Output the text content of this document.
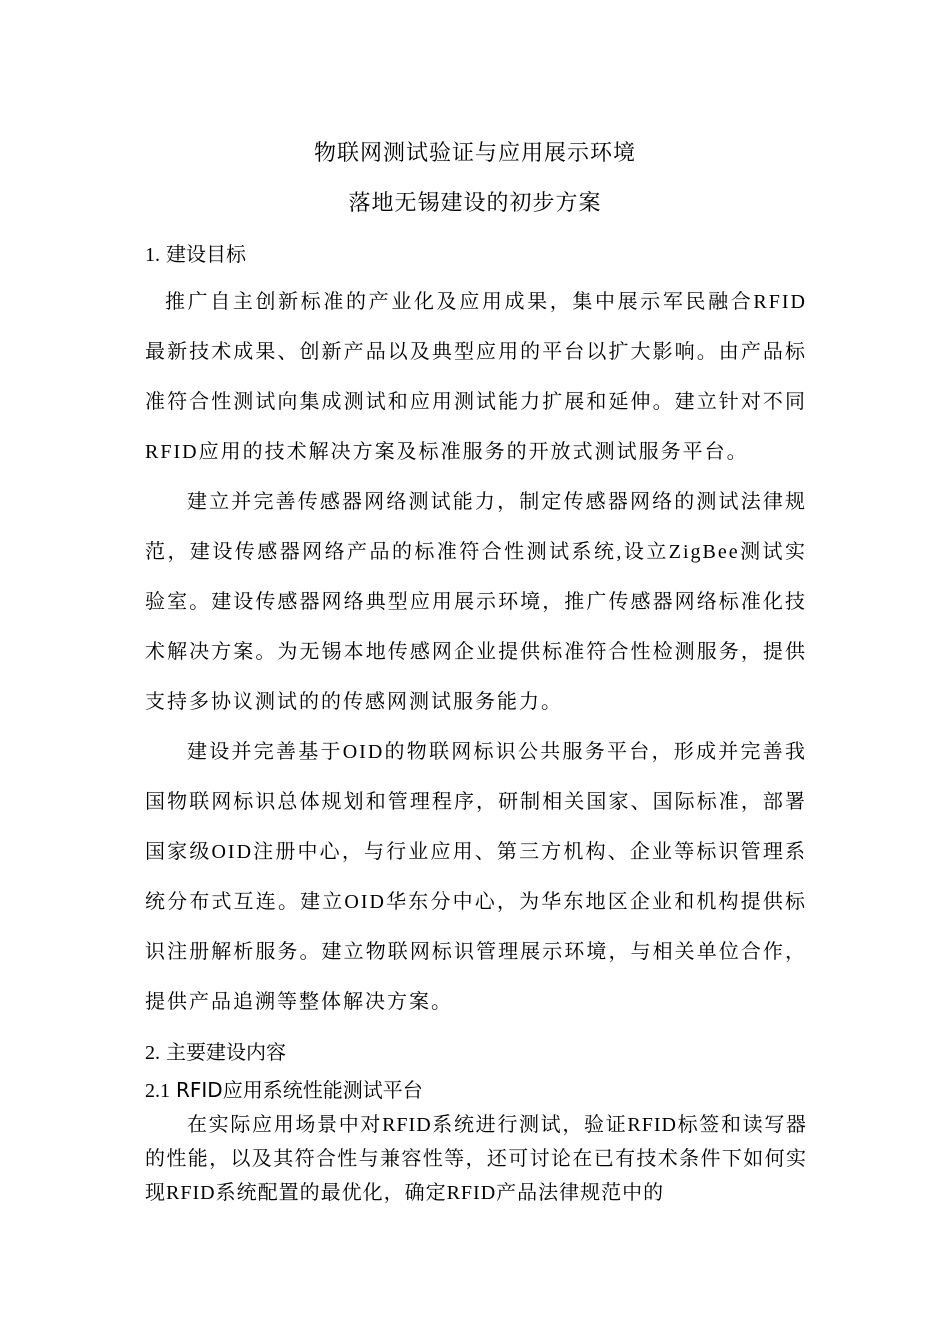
物联网测试验证与应用展示环境
落地无锡建设的初步方案
1. 建设目标

推广自主创新标准的产业化及应用成果，集中展示军民融合RFID最新技术成果、创新产品以及典型应用的平台以扩大影响。由产品标准符合性测试向集成测试和应用测试能力扩展和延伸。建立针对不同RFID应用的技术解决方案及标准服务的开放式测试服务平台。

建立并完善传感器网络测试能力，制定传感器网络的测试法律规范，建设传感器网络产品的标准符合性测试系统,设立ZigBee测试实验室。建设传感器网络典型应用展示环境，推广传感器网络标准化技术解决方案。为无锡本地传感网企业提供标准符合性检测服务，提供支持多协议测试的的传感网测试服务能力。

建设并完善基于OID的物联网标识公共服务平台，形成并完善我国物联网标识总体规划和管理程序，研制相关国家、国际标准，部署国家级OID注册中心，与行业应用、第三方机构、企业等标识管理系统分布式互连。建立OID华东分中心，为华东地区企业和机构提供标识注册解析服务。建立物联网标识管理展示环境，与相关单位合作，提供产品追溯等整体解决方案。

2. 主要建设内容
2.1 RFID应用系统性能测试平台

在实际应用场景中对RFID系统进行测试，验证RFID标签和读写器的性能，以及其符合性与兼容性等，还可讨论在已有技术条件下如何实现RFID系统配置的最优化，确定RFID产品法律规范中的
